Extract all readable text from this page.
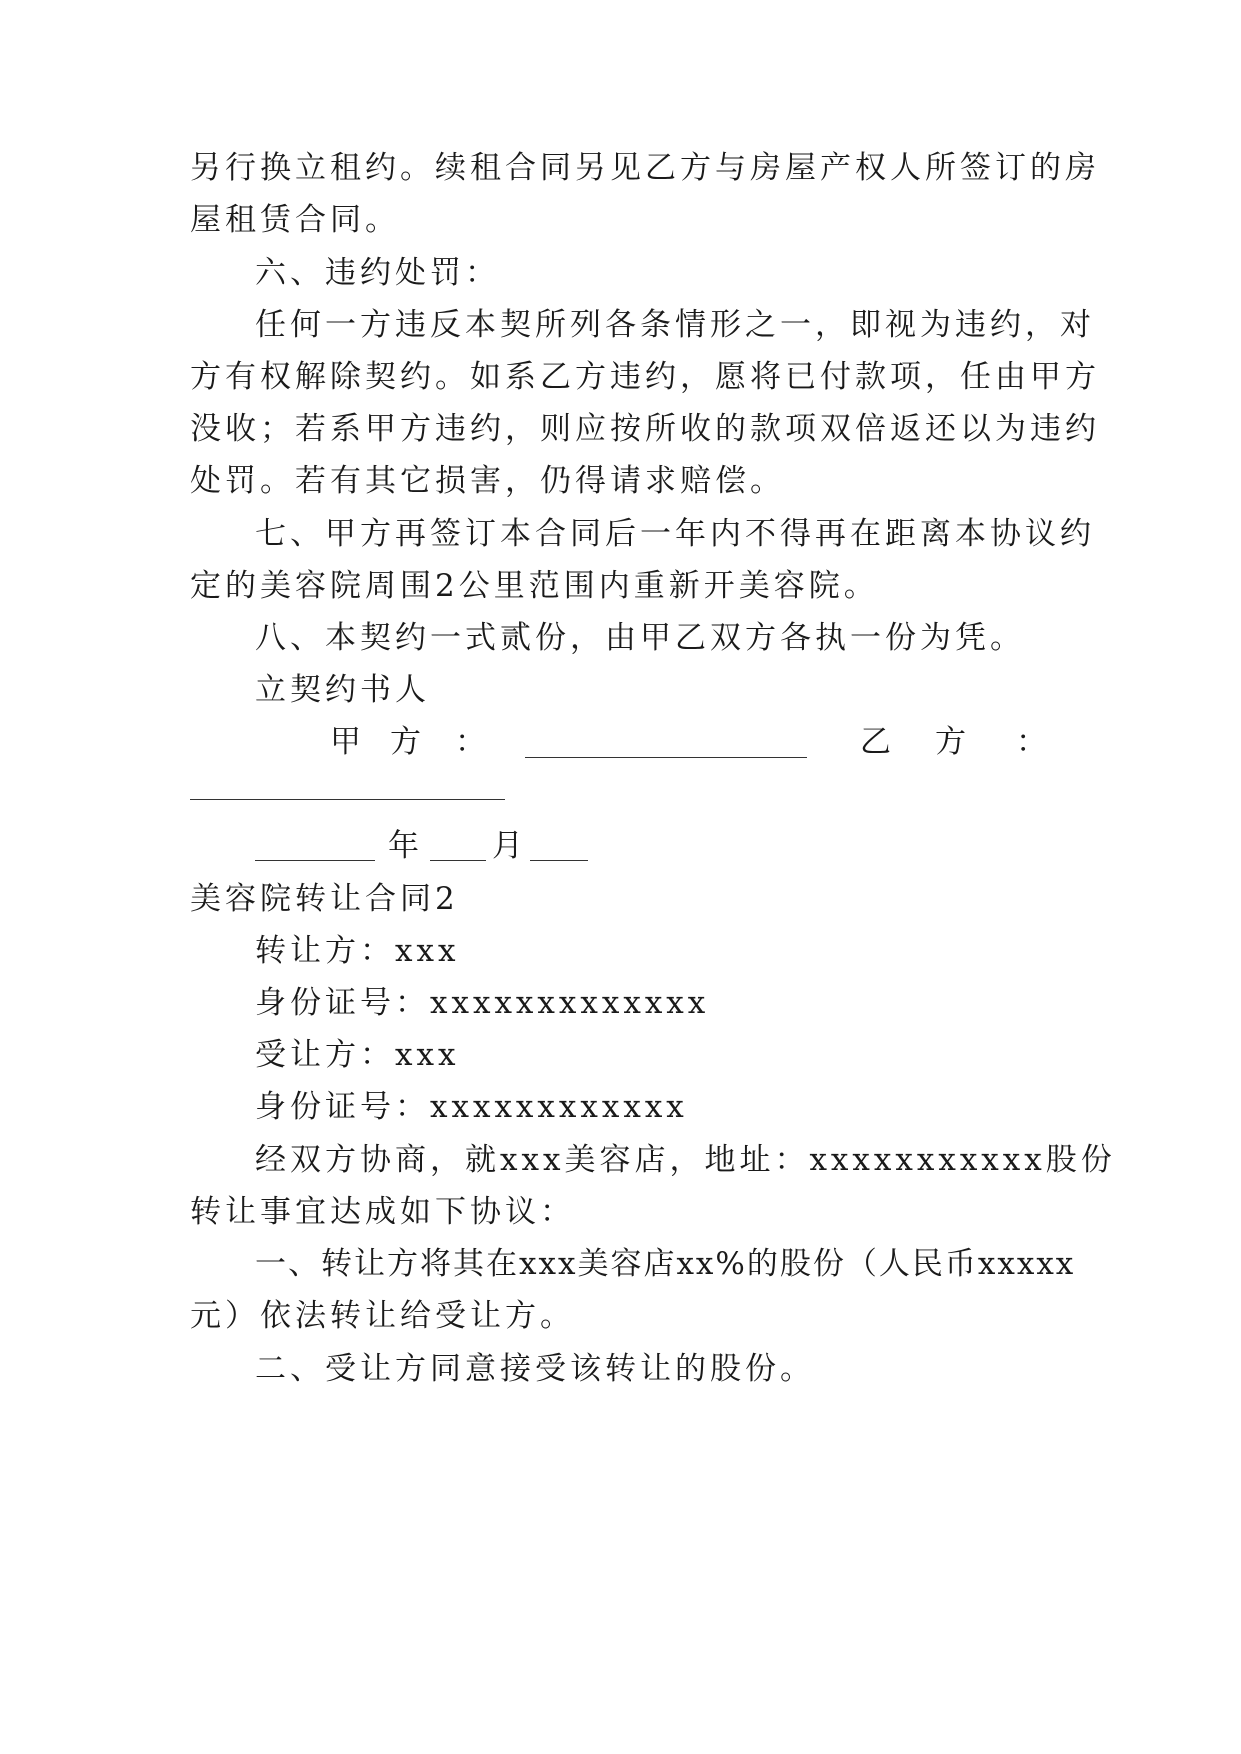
另行换立租约。续租合同另见乙方与房屋产权人所签订的房
屋租赁合同。
六、违约处罚：
任何一方违反本契所列各条情形之一，即视为违约，对
方有权解除契约。如系乙方违约，愿将已付款项，任由甲方
没收；若系甲方违约，则应按所收的款项双倍返还以为违约
处罚。若有其它损害，仍得请求赔偿。
七、甲方再签订本合同后一年内不得再在距离本协议约
定的美容院周围2公里范围内重新开美容院。
八、本契约一式贰份，由甲乙双方各执一份为凭。
立契约书人
甲 方 ：	乙 方 ：
年 月
美容院转让合同2
转让方：xxx
身份证号：xxxxxxxxxxxxx
受让方：xxx
身份证号：xxxxxxxxxxxx
经双方协商，就xxx美容店，地址：xxxxxxxxxxx股份
转让事宜达成如下协议：
一、转让方将其在xxx美容店xx%的股份（人民币xxxxx
元）依法转让给受让方。
二、受让方同意接受该转让的股份。
